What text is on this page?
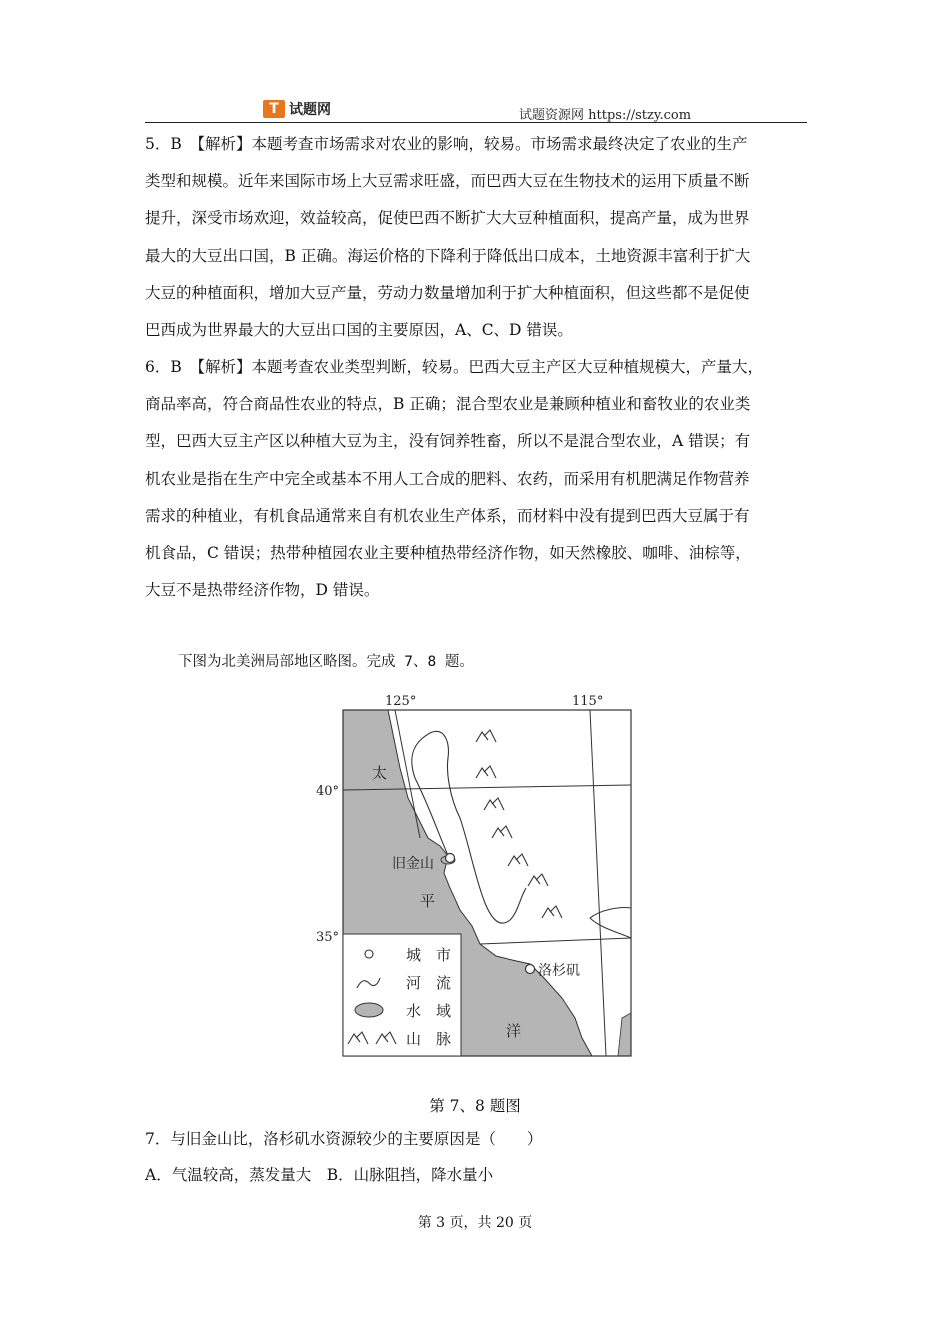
T 试题网	试题资源网 https://stzy.com
5．B　【解析】本题考查市场需求对农业的影响，较易。市场需求最终决定了农业的生产
类型和规模。近年来国际市场上大豆需求旺盛，而巴西大豆在生物技术的运用下质量不断
提升，深受市场欢迎，效益较高，促使巴西不断扩大大豆种植面积，提高产量，成为世界
最大的大豆出口国，B 正确。海运价格的下降利于降低出口成本，土地资源丰富利于扩大
大豆的种植面积，增加大豆产量，劳动力数量增加利于扩大种植面积，但这些都不是促使
巴西成为世界最大的大豆出口国的主要原因，A、C、D 错误。
6．B　【解析】本题考查农业类型判断，较易。巴西大豆主产区大豆种植规模大，产量大，
商品率高，符合商品性农业的特点，B 正确；混合型农业是兼顾种植业和畜牧业的农业类
型，巴西大豆主产区以种植大豆为主，没有饲养牲畜，所以不是混合型农业，A 错误；有
机农业是指在生产中完全或基本不用人工合成的肥料、农药，而采用有机肥满足作物营养
需求的种植业，有机食品通常来自有机农业生产体系，而材料中没有提到巴西大豆属于有
机食品，C 错误；热带种植园农业主要种植热带经济作物，如天然橡胶、咖啡、油棕等，
大豆不是热带经济作物，D 错误。
下图为北美洲局部地区略图。完成 7、8 题。
旧金山
洛杉矶
太
平
洋
125°	115°
40°
35°
城　市
河　流
水　域
山　脉
第 7、8 题图
7．与旧金山比，洛杉矶水资源较少的主要原因是（　　）
A．气温较高，蒸发量大　B．山脉阻挡，降水量小
第 3 页，共 20 页
